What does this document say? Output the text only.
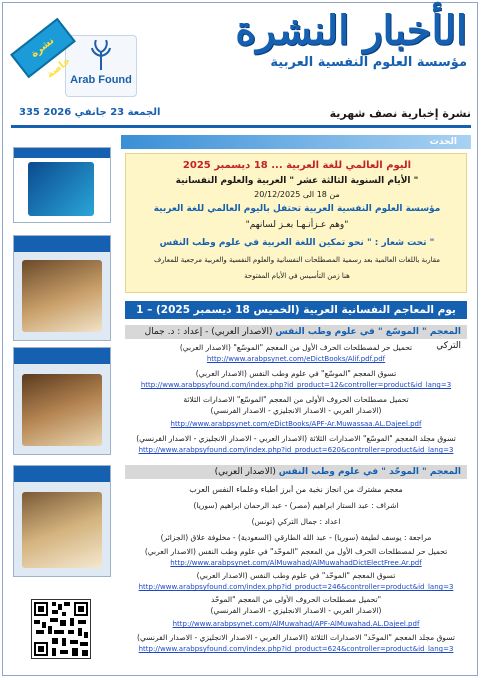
Arab Found
نشرة خاصة
الأخبار النشرة
مؤسسة العلوم النفسية العربية
335 الجمعة 23 جانفي 2026	نشرة إخبارية نصف شهرية
الحدث
اليوم العالمي للغة العربية ... 18 ديسمبر 2025
الأيام السنوية الثالثة عشر " العربية والعلوم النفسانية "
من 18 الى 20/12/2025
مؤسسة العلوم النفسية العربية تحتفل باليوم العالمي للغة العربية
"وهم عـزأنـهـا بعـز لسانهم"
تحت شعار : " نحو تمكين اللغة العربية في علوم وطب النفس "
مقاربة باللغات العالمية بعد رسمية المصطلحات النفسانية والعلوم النفسية والعربية مرجعية للمعارف
هنا زمن التأسيس في الأيام المفتوحة
1 – يوم المعاجم النفسانية العربية (الخميس 18 ديسمبر 2025)
المعجم " الموسّع " في علوم وطب النفس (الاصدار العربي) - إعداد : د. جمال التركي
تحميل حر لمصطلحات الحرف الأول من المعجم "الموسّع" (الاصدار العربي)
http://www.arabpsynet.com/eDictBooks/Alif.pdf.pdf
تسوق المعجم "الموسّع" في علوم وطب النفس (الاصدار العربي)
http://www.arabpsyfound.com/index.php?id_product=12&controller=product&id_lang=3
تحميل مصطلحات الحروف الأولى من المعجم "الموسّع" الاصدارات الثلاثة
(الاصدار العربي - الاصدار الانجليزي - الاصدار الفرنسي)
http://www.arabpsynet.com/eDictBooks/APF-Ar.Muwassaa.AL.Dajeel.pdf
تسوق مجلد المعجم "الموسّع" الاصدارات الثلاثة (الاصدار العربي - الاصدار الانجليزي - الاصدار الفرنسي)
http://www.arabpsyfound.com/index.php?id_product=620&controller=product&id_lang=3
المعجم " الموحّد " في علوم وطب النفس (الاصدار العربي)
معجم مشترك من انجاز نخبة من أبرز أطباء وعلماء النفس العرب
اشراف : عبد الستار ابراهيم (مصر) - عبد الرحمان ابراهيم (سوريا)
اعداد : جمال التركي (تونس)
مراجعة : يوسف لطيفة (سوريا) - عبد الله الطارقي (السعودية) - مخلوفة علاق (الجزائر)
تحميل حر لمصطلحات الحرف الأول من المعجم "الموحّد" في علوم وطب النفس (الاصدار العربي)
http://www.arabpsynet.com/AlMuwahad/AlMuwahadDictElectFree.Ar.pdf
تسوق المعجم "الموحّد" في علوم وطب النفس (الاصدار العربي)
http://www.arabpsyfound.com/index.php?id_product=246&controller=product&id_lang=3
تحميل مصطلحات الحروف الأولى من المعجم "الموحّد"
(الاصدار العربي - الاصدار الانجليزي - الاصدار الفرنسي)
http://www.arabpsynet.com/AlMuwahad/APF-AlMuwahad.AL.Dajeel.pdf
تسوق مجلد المعجم "الموحّد" الاصدارات الثلاثة (الاصدار العربي - الاصدار الانجليزي - الاصدار الفرنسي)
http://www.arabpsyfound.com/index.php?id_product=624&controller=product&id_lang=3
